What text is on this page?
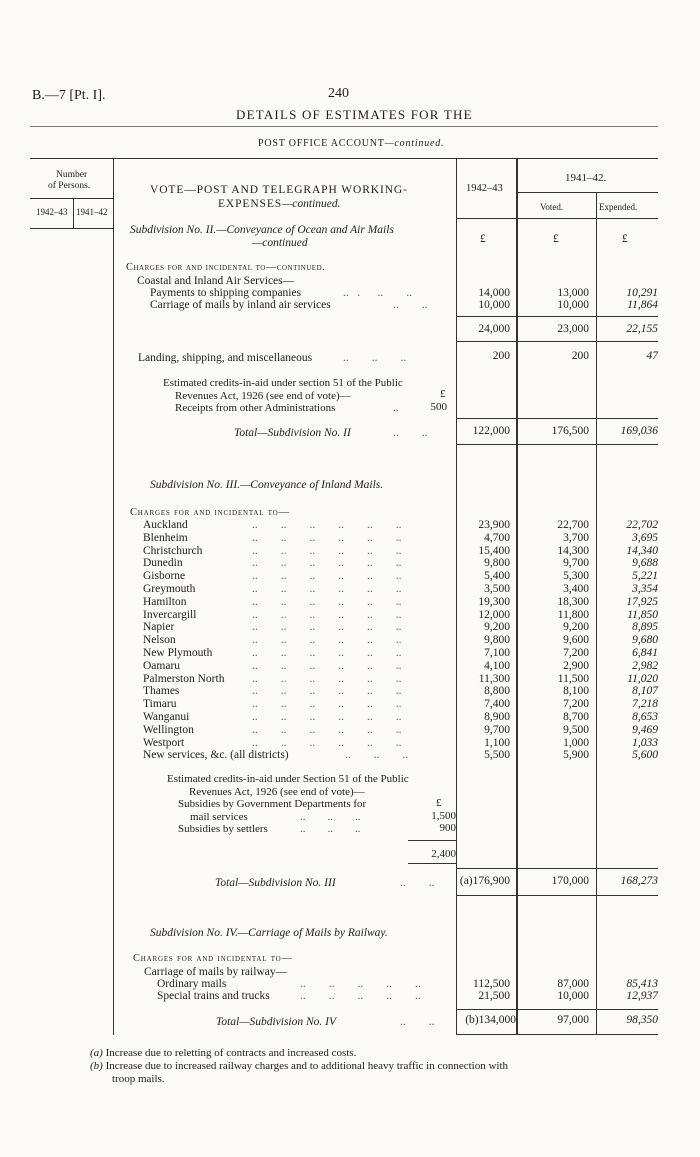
B.—7 [Pt. I].	240
DETAILS OF ESTIMATES FOR THE
POST OFFICE ACCOUNT—continued.
Number
of Persons.
1942–43 1941–42
VOTE—POST AND TELEGRAPH WORKING-
EXPENSES—continued.
1942–43
1941–42.
Voted.	Expended.
Subdivision No. II.—Conveyance of Ocean and Air Mails
—continued	£	£	£
Charges for and incidental to—continued.
Coastal and Inland Air Services—
Payments to shipping companies	..   .      ..        ..	14,000	13,000	10,291
Carriage of mails by inland air services	..        ..	10,000	10,000	11,864
24,000	23,000	22,155
Landing, shipping, and miscellaneous	..        ..        ..	200	200	47
Estimated credits-in-aid under section 51 of the Public
Revenues Act, 1926 (see end of vote)—	£
Receipts from other Administrations	..	500
Total—Subdivision No. II	..        ..	122,000	176,500	169,036
Subdivision No. III.—Conveyance of Inland Mails.
Charges for and incidental to—
Auckland	..        ..        ..        ..        ..        ..	23,900	22,700	22,702
Blenheim	..        ..        ..        ..        ..        ..	4,700	3,700	3,695
Christchurch	..        ..        ..        ..        ..        ..	15,400	14,300	14,340
Dunedin	..        ..        ..        ..        ..        ..	9,800	9,700	9,688
Gisborne	..        ..        ..        ..        ..        ..	5,400	5,300	5,221
Greymouth	..        ..        ..        ..        ..        ..	3,500	3,400	3,354
Hamilton	..        ..        ..        ..        ..        ..	19,300	18,300	17,925
Invercargill	..        ..        ..        ..        ..        ..	12,000	11,800	11,850
Napier	..        ..        ..        ..        ..        ..	9,200	9,200	8,895
Nelson	..        ..        ..        ..        ..        ..	9,800	9,600	9,680
New Plymouth	..        ..        ..        ..        ..        ..	7,100	7,200	6,841
Oamaru	..        ..        ..        ..        ..        ..	4,100	2,900	2,982
Palmerston North ..        ..        ..        ..        ..        ..	11,300	11,500	11,020
Thames	..        ..        ..        ..        ..        ..	8,800	8,100	8,107
Timaru	..        ..        ..        ..        ..        ..	7,400	7,200	7,218
Wanganui	..        ..        ..        ..        ..        ..	8,900	8,700	8,653
Wellington	..        ..        ..        ..        ..        ..	9,700	9,500	9,469
Westport	..        ..        ..        ..        ..        ..	1,100	1,000	1,033
New services, &c. (all districts)	..        ..        ..	5,500	5,900	5,600
Estimated credits-in-aid under Section 51 of the Public
Revenues Act, 1926 (see end of vote)—
£
Subsidies by Government Departments for
mail services	..        ..        ..	1,500
Subsidies by settlers	..        ..        ..	900
2,400
Total—Subdivision No. III	..        .. (a)176,900	170,000	168,273
Subdivision No. IV.—Carriage of Mails by Railway.
Charges for and incidental to—
Carriage of mails by railway—
Ordinary mails	..        ..        ..        ..        ..	112,500	87,000	85,413
Special trains and trucks	..        ..        ..        ..        ..	21,500	10,000	12,937
Total—Subdivision No. IV	..        ..	(b)134,000	97,000	98,350
(a) Increase due to reletting of contracts and increased costs.
(b) Increase due to increased railway charges and to additional heavy traffic in connection with
troop mails.
